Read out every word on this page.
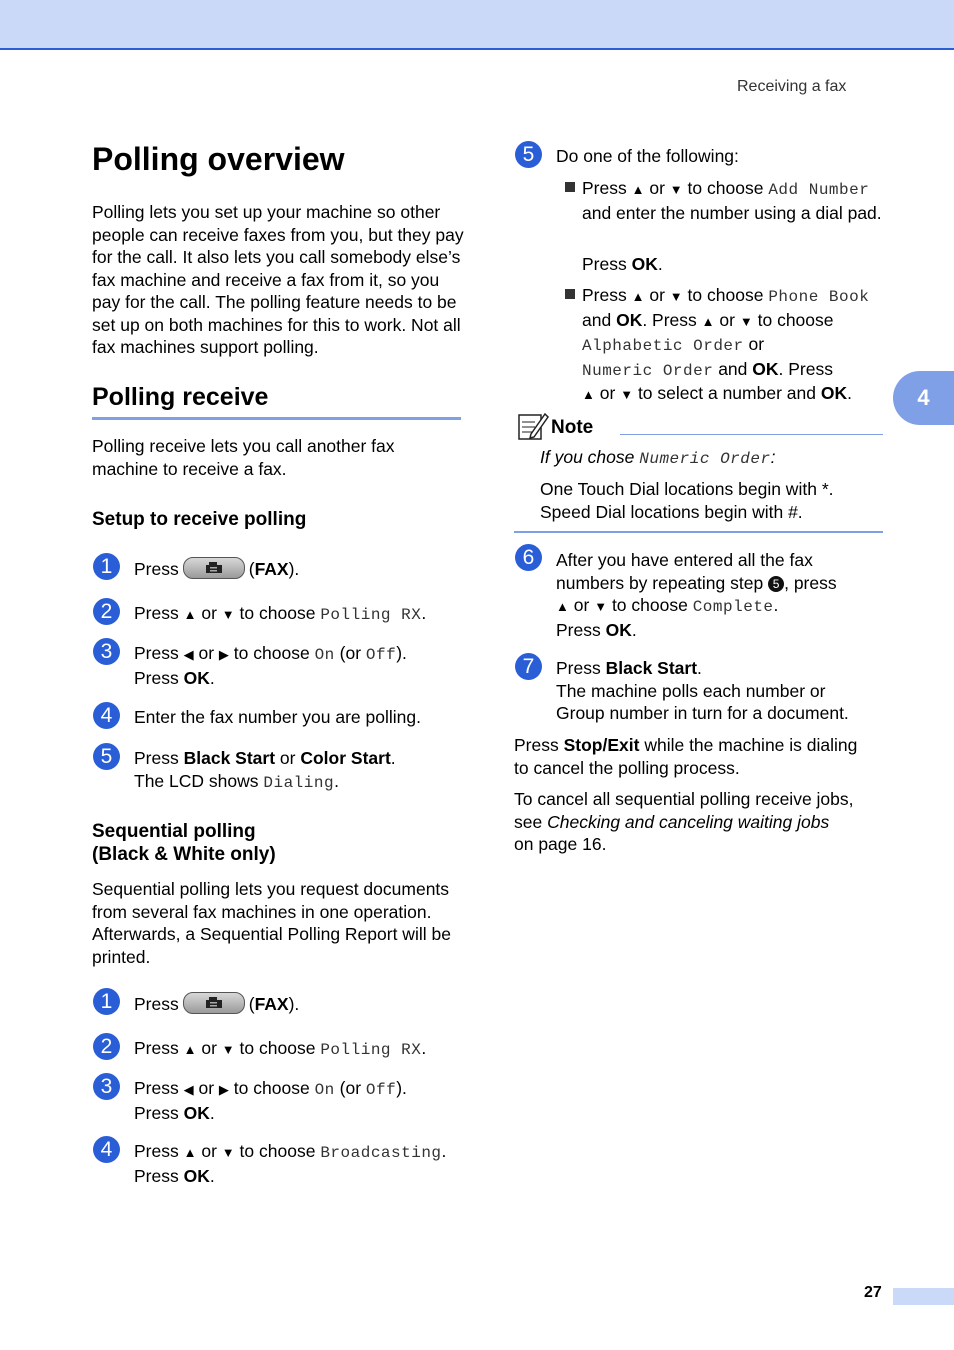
Receiving a fax
4
Polling overview
Polling lets you set up your machine so other people can receive faxes from you, but they pay for the call. It also lets you call somebody else’s fax machine and receive a fax from it, so you pay for the call. The polling feature needs to be set up on both machines for this to work. Not all fax machines support polling.
Polling receive
Polling receive lets you call another fax machine to receive a fax.
Setup to receive polling
1	Press	(FAX).
2	Press ▲ or ▼ to choose Polling RX.
3	Press ◀ or ▶ to choose On (or Off).
Press OK.
4	Enter the fax number you are polling.
5	Press Black Start or Color Start.
The LCD shows Dialing.
Sequential polling
(Black & White only)
Sequential polling lets you request documents from several fax machines in one operation. Afterwards, a Sequential Polling Report will be printed.
1	Press	(FAX).
2	Press ▲ or ▼ to choose Polling RX.
3	Press ◀ or ▶ to choose On (or Off).
Press OK.
4	Press ▲ or ▼ to choose Broadcasting.
Press OK.
5	Do one of the following:
Press ▲ or ▼ to choose Add Number
and enter the number using a dial pad.
Press OK.
Press ▲ or ▼ to choose Phone Book
and OK. Press ▲ or ▼ to choose
Alphabetic Order or
Numeric Order and OK. Press
▲ or ▼ to select a number and OK.
Note
If you chose Numeric Order:
One Touch Dial locations begin with *.
Speed Dial locations begin with #.
6	After you have entered all the fax
numbers by repeating step 5 , press
▲ or ▼ to choose Complete.
Press OK.
7	Press Black Start.
The machine polls each number or
Group number in turn for a document.
Press Stop/Exit while the machine is dialing
to cancel the polling process.
To cancel all sequential polling receive jobs,
see Checking and canceling waiting jobs
on page 16.
27
